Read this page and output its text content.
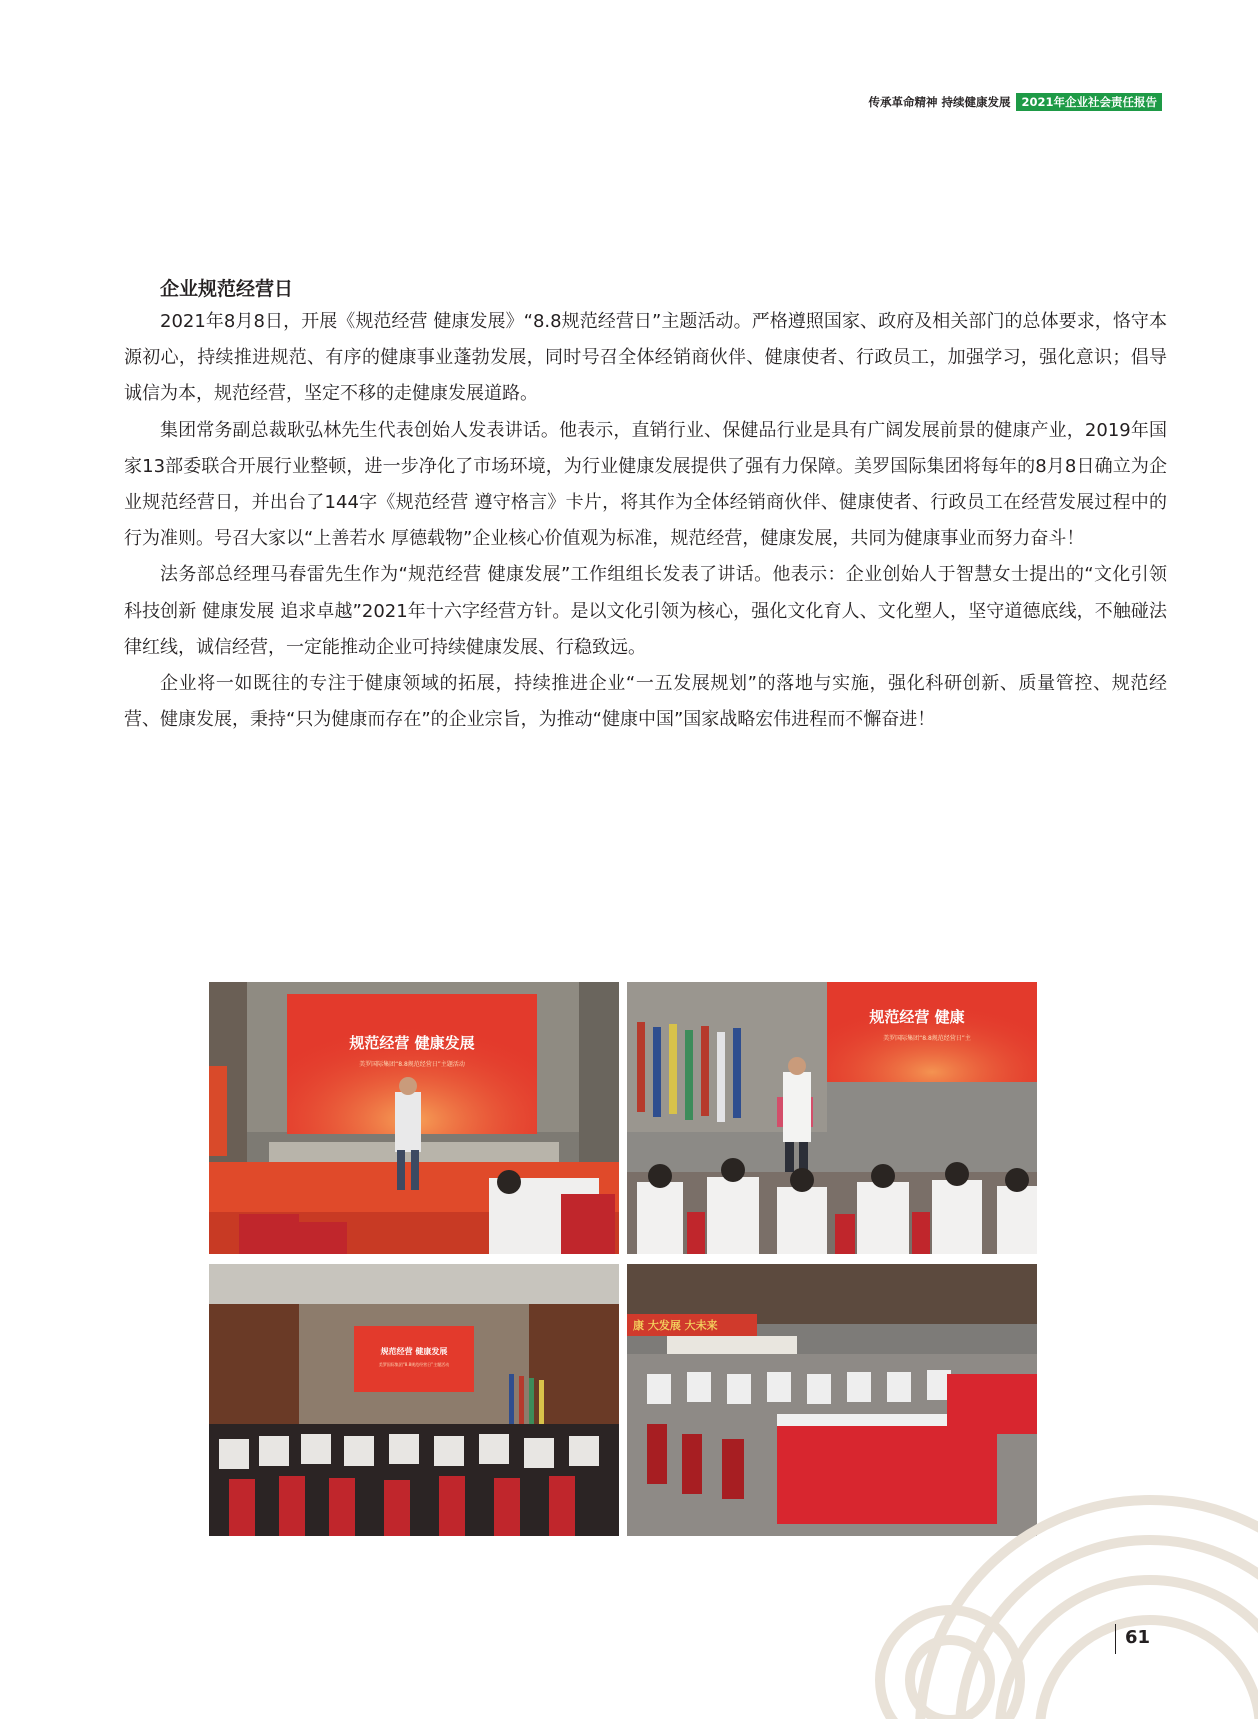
传承革命精神 持续健康发展 2021年企业社会责任报告
企业规范经营日

2021年8月8日，开展《规范经营 健康发展》“8.8规范经营日”主题活动。严格遵照国家、政府及相关部门的总体要求，恪守本源初心，持续推进规范、有序的健康事业蓬勃发展，同时号召全体经销商伙伴、健康使者、行政员工，加强学习，强化意识；倡导诚信为本，规范经营，坚定不移的走健康发展道路。

集团常务副总裁耿弘林先生代表创始人发表讲话。他表示，直销行业、保健品行业是具有广阔发展前景的健康产业，2019年国家13部委联合开展行业整顿，进一步净化了市场环境，为行业健康发展提供了强有力保障。美罗国际集团将每年的8月8日确立为企业规范经营日，并出台了144字《规范经营 遵守格言》卡片，将其作为全体经销商伙伴、健康使者、行政员工在经营发展过程中的行为准则。号召大家以“上善若水 厚德载物”企业核心价值观为标准，规范经营，健康发展，共同为健康事业而努力奋斗！

法务部总经理马春雷先生作为“规范经营 健康发展”工作组组长发表了讲话。他表示：企业创始人于智慧女士提出的“文化引领 科技创新 健康发展 追求卓越”2021年十六字经营方针。是以文化引领为核心，强化文化育人、文化塑人，坚守道德底线，不触碰法律红线，诚信经营，一定能推动企业可持续健康发展、行稳致远。

企业将一如既往的专注于健康领域的拓展，持续推进企业“一五发展规划”的落地与实施，强化科研创新、质量管控、规范经营、健康发展，秉持“只为健康而存在”的企业宗旨，为推动“健康中国”国家战略宏伟进程而不懈奋进！

规范经营 健康发展
美罗国际集团“8.8规范经营日”主题活动
规范经营 健康
美罗国际集团“8.8规范经营日”主
规范经营 健康发展
美罗国际集团“8.8规范经营日”主题活动
康 大发展 大未来
61
